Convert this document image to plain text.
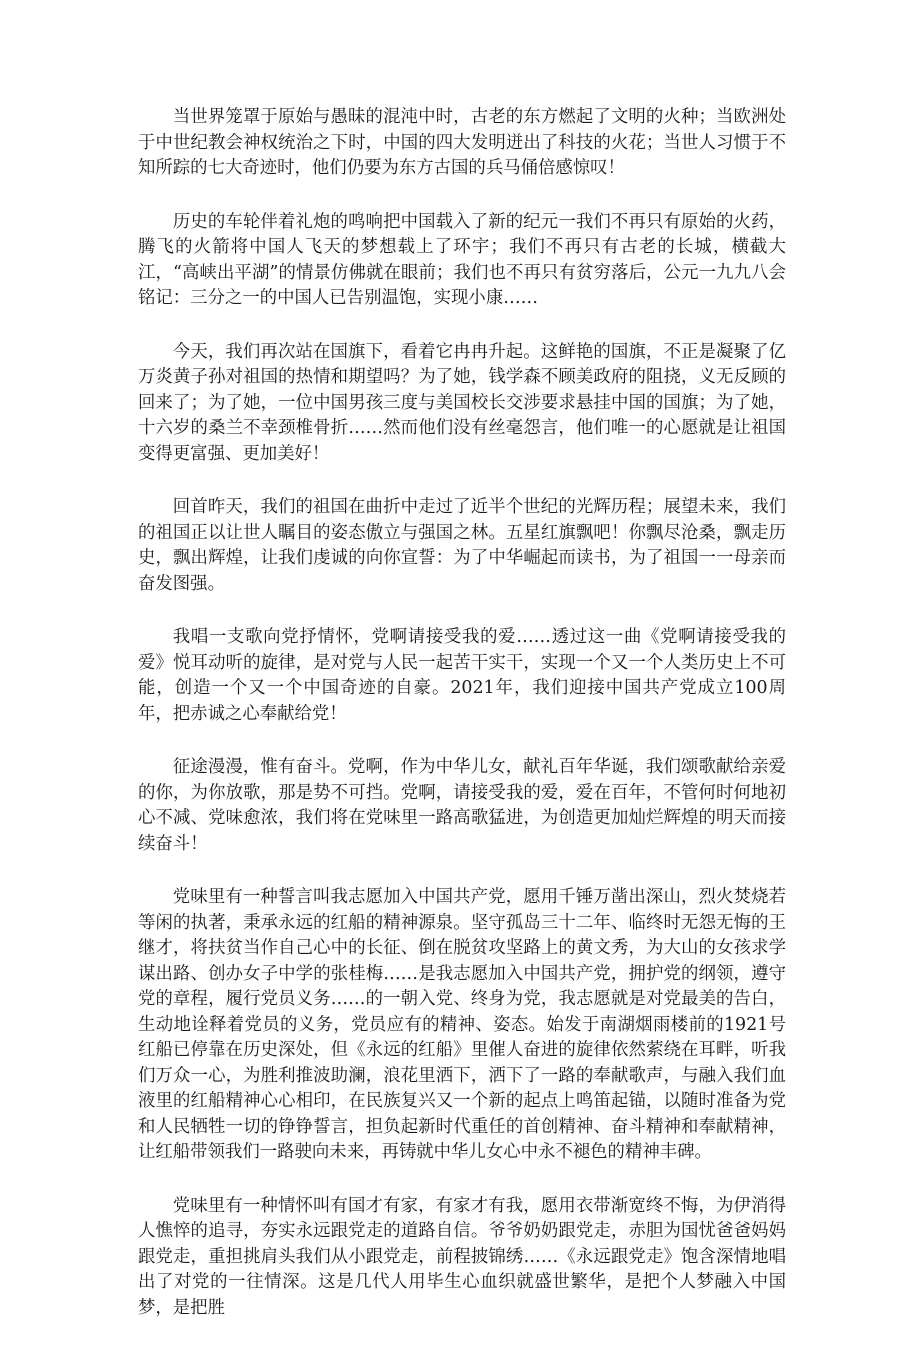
当世界笼罩于原始与愚昧的混沌中时，古老的东方燃起了文明的火种；当欧洲处于中世纪教会神权统治之下时，中国的四大发明迸出了科技的火花；当世人习惯于不知所踪的七大奇迹时，他们仍要为东方古国的兵马俑倍感惊叹！

历史的车轮伴着礼炮的鸣响把中国载入了新的纪元一我们不再只有原始的火药，腾飞的火箭将中国人飞天的梦想载上了环宇；我们不再只有古老的长城，横截大江，“高峡出平湖”的情景仿佛就在眼前；我们也不再只有贫穷落后，公元一九九八会铭记：三分之一的中国人已告别温饱，实现小康……

今天，我们再次站在国旗下，看着它冉冉升起。这鲜艳的国旗，不正是凝聚了亿万炎黄子孙对祖国的热情和期望吗？为了她，钱学森不顾美政府的阻挠，义无反顾的回来了；为了她，一位中国男孩三度与美国校长交涉要求悬挂中国的国旗；为了她，十六岁的桑兰不幸颈椎骨折……然而他们没有丝毫怨言，他们唯一的心愿就是让祖国变得更富强、更加美好！

回首昨天，我们的祖国在曲折中走过了近半个世纪的光辉历程；展望未来，我们的祖国正以让世人瞩目的姿态傲立与强国之林。五星红旗飘吧！你飘尽沧桑，飘走历史，飘出辉煌，让我们虔诚的向你宣誓：为了中华崛起而读书，为了祖国一一母亲而奋发图强。

我唱一支歌向党抒情怀，党啊请接受我的爱……透过这一曲《党啊请接受我的爱》悦耳动听的旋律，是对党与人民一起苦干实干，实现一个又一个人类历史上不可能，创造一个又一个中国奇迹的自豪。2021年，我们迎接中国共产党成立100周年，把赤诚之心奉献给党！

征途漫漫，惟有奋斗。党啊，作为中华儿女，献礼百年华诞，我们颂歌献给亲爱的你，为你放歌，那是势不可挡。党啊，请接受我的爱，爱在百年，不管何时何地初心不减、党味愈浓，我们将在党味里一路高歌猛进，为创造更加灿烂辉煌的明天而接续奋斗！

党味里有一种誓言叫我志愿加入中国共产党，愿用千锤万凿出深山，烈火焚烧若等闲的执著，秉承永远的红船的精神源泉。坚守孤岛三十二年、临终时无怨无悔的王继才，将扶贫当作自己心中的长征、倒在脱贫攻坚路上的黄文秀，为大山的女孩求学谋出路、创办女子中学的张桂梅……是我志愿加入中国共产党，拥护党的纲领，遵守党的章程，履行党员义务……的一朝入党、终身为党，我志愿就是对党最美的告白，生动地诠释着党员的义务，党员应有的精神、姿态。始发于南湖烟雨楼前的1921号红船已停靠在历史深处，但《永远的红船》里催人奋进的旋律依然萦绕在耳畔，听我们万众一心，为胜利推波助澜，浪花里洒下，洒下了一路的奉献歌声，与融入我们血液里的红船精神心心相印，在民族复兴又一个新的起点上鸣笛起锚，以随时准备为党和人民牺牲一切的铮铮誓言，担负起新时代重任的首创精神、奋斗精神和奉献精神，让红船带领我们一路驶向未来，再铸就中华儿女心中永不褪色的精神丰碑。

党味里有一种情怀叫有国才有家，有家才有我，愿用衣带渐宽终不悔，为伊消得人憔悴的追寻，夯实永远跟党走的道路自信。爷爷奶奶跟党走，赤胆为国忧爸爸妈妈跟党走，重担挑肩头我们从小跟党走，前程披锦绣……《永远跟党走》饱含深情地唱出了对党的一往情深。这是几代人用毕生心血织就盛世繁华，是把个人梦融入中国梦，是把胜
